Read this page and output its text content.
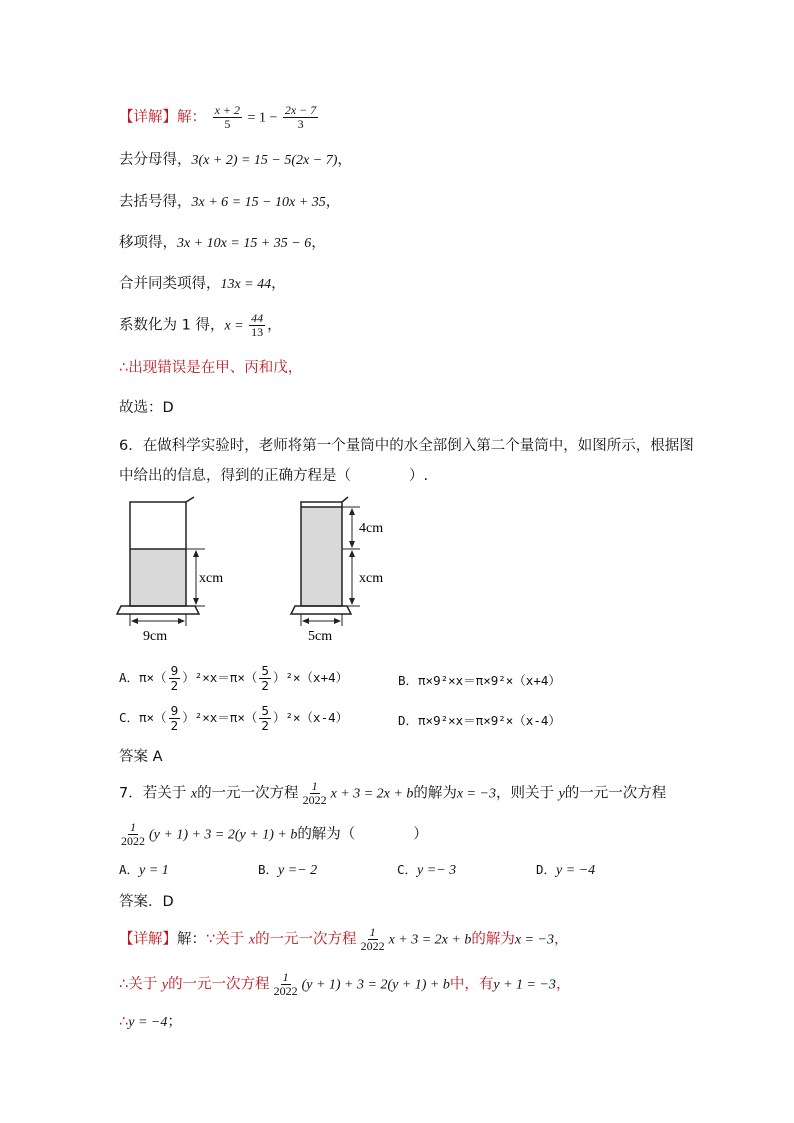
【详解】解： $\frac{x + 2}{5} = 1 - \frac{2x - 7}{3}$
去分母得，3(x + 2) = 15 − 5(2x − 7)，
去括号得，3x + 6 = 15 − 10x + 35，
移项得，3x + 10x = 15 + 35 − 6，
合并同类项得，13x = 44，
系数化为 1 得，$x = \frac{44}{13}$ ，
∴出现错误是在甲、丙和戊，
故选：D
6．在做科学实验时，老师将第一个量筒中的水全部倒入第二个量筒中，如图所示，根据图
中给出的信息，得到的正确方程是（　　　　）.
xcm
9cm
4cm
xcm
5cm
A．$\pi\times( \frac{9}{2} )^2\times x=\pi\times( \frac{5}{2} )^2\times(x+4)$	B．π×9²×x＝π×9²×（x+4）
C．$\pi\times( \frac{9}{2} )^2\times x=\pi\times( \frac{5}{2} )^2\times(x-4)$	D．π×9²×x＝π×9²×（x-4）
答案 A
7．若关于 x的一元一次方程 $\frac{1}{2022}$ x + 3 = 2x + b的解为x = −3，则关于 y的一元一次方程
$\frac{1}{2022} (y + 1) + 3 = 2(y + 1) + b$的解为（　　　　）
A．y = 1	B．y =− 2	C．y =− 3	D．y = −4
答案．D
【详解】解：∵关于 x的一元一次方程 $\frac{1}{2022}$ x + 3 = 2x + b的解为x = −3，
∴关于 y的一元一次方程 $\frac{1}{2022} (y + 1) + 3 = 2(y + 1) + b$中，有y + 1 = −3，
∴y = −4；
